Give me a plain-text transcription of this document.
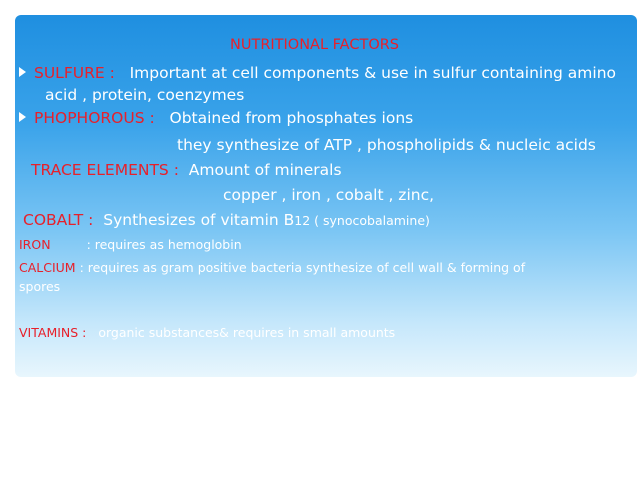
NUTRITIONAL FACTORS
SULFURE : Important at cell components & use in sulfur containing amino
acid , protein, coenzymes
PHOPHOROUS : Obtained from phosphates ions
they synthesize of ATP , phospholipids & nucleic acids
TRACE ELEMENTS : Amount of minerals
copper , iron , cobalt , zinc,
COBALT : Synthesizes of vitamin B12 ( synocobalamine)
IRON	: requires as hemoglobin
CALCIUM : requires as gram positive bacteria synthesize of cell wall & forming of
spores
VITAMINS : organic substances& requires in small amounts
